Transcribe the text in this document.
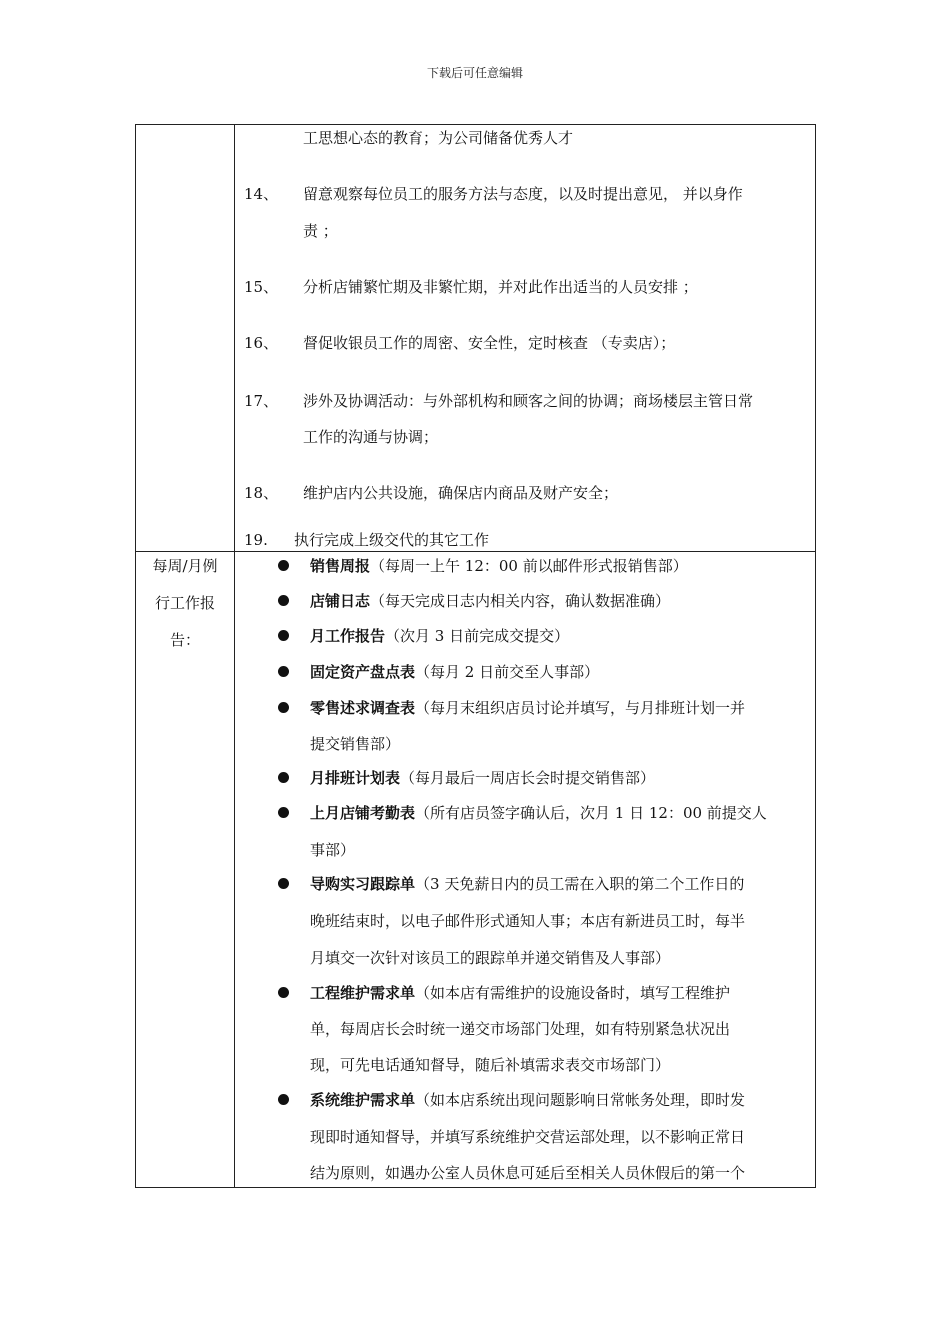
下载后可任意编辑
工思想心态的教育；为公司储备优秀人才
14、 留意观察每位员工的服务方法与态度，以及时提出意见， 并以身作
责 ；
15、 分析店铺繁忙期及非繁忙期，并对此作出适当的人员安排 ；
16、 督促收银员工作的周密、安全性，定时核查 （专卖店）；
17、 涉外及协调活动：与外部机构和顾客之间的协调；商场楼层主管日常
工作的沟通与协调；
18、 维护店内公共设施，确保店内商品及财产安全；
19. 执行完成上级交代的其它工作
每周/月例
行工作报
告：
销售周报（每周一上午 12：00 前以邮件形式报销售部）
店铺日志（每天完成日志内相关内容，确认数据准确）
月工作报告（次月 3 日前完成交提交）
固定资产盘点表（每月 2 日前交至人事部）
零售述求调查表（每月末组织店员讨论并填写，与月排班计划一并
提交销售部）
月排班计划表（每月最后一周店长会时提交销售部）
上月店铺考勤表（所有店员签字确认后，次月 1 日 12：00 前提交人
事部）
导购实习跟踪单（3 天免薪日内的员工需在入职的第二个工作日的
晚班结束时，以电子邮件形式通知人事；本店有新进员工时，每半
月填交一次针对该员工的跟踪单并递交销售及人事部）
工程维护需求单（如本店有需维护的设施设备时，填写工程维护
单，每周店长会时统一递交市场部门处理，如有特别紧急状况出
现，可先电话通知督导，随后补填需求表交市场部门）
系统维护需求单（如本店系统出现问题影响日常帐务处理，即时发
现即时通知督导，并填写系统维护交营运部处理，以不影响正常日
结为原则，如遇办公室人员休息可延后至相关人员休假后的第一个
